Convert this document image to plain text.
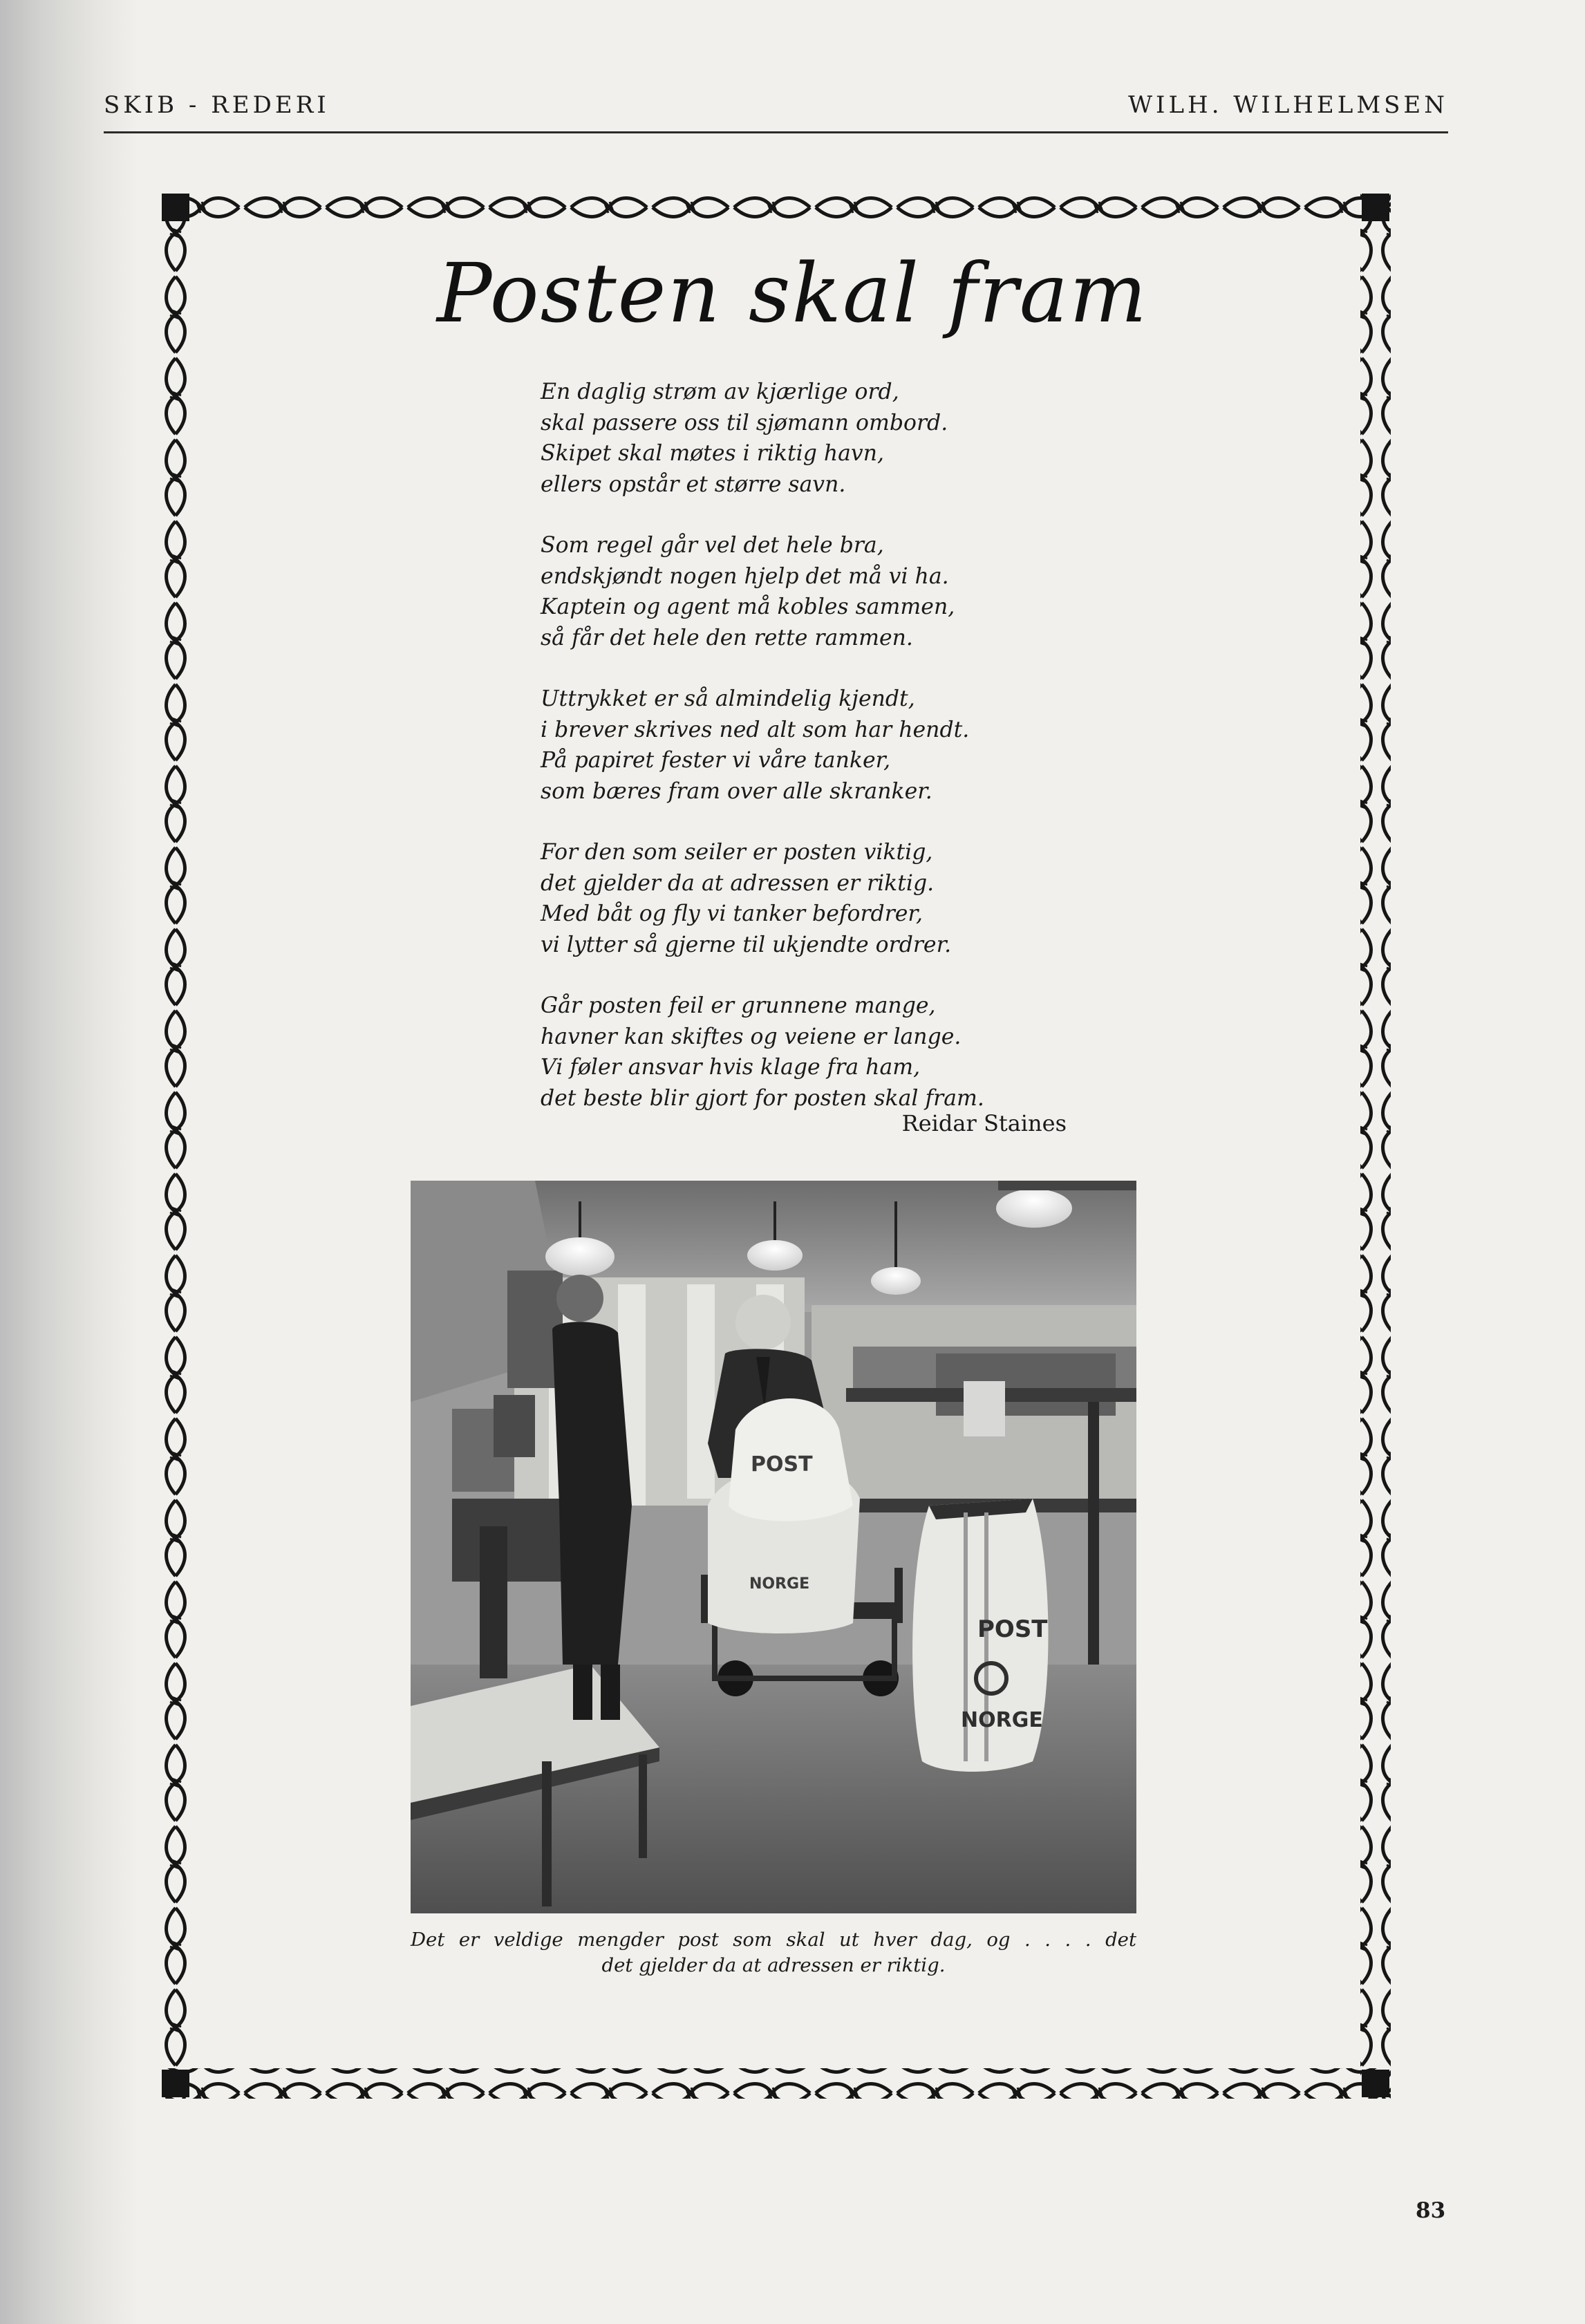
SKIB - REDERI	WILH. WILHELMSEN
Posten skal fram
En daglig strøm av kjærlige ord,
skal passere oss til sjømann ombord.
Skipet skal møtes i riktig havn,
ellers opstår et større savn.
Som regel går vel det hele bra,
endskjøndt nogen hjelp det må vi ha.
Kaptein og agent må kobles sammen,
så får det hele den rette rammen.
Uttrykket er så almindelig kjendt,
i brever skrives ned alt som har hendt.
På papiret fester vi våre tanker,
som bæres fram over alle skranker.
For den som seiler er posten viktig,
det gjelder da at adressen er riktig.
Med båt og fly vi tanker befordrer,
vi lytter så gjerne til ukjendte ordrer.
Går posten feil er grunnene mange,
havner kan skiftes og veiene er lange.
Vi føler ansvar hvis klage fra ham,
det beste blir gjort for posten skal fram.
Reidar Staines
POST
NORGE
POST
NORGE
Det er veldige mengder post som skal ut hver dag, og . . . . det
det gjelder da at adressen er riktig.
83
